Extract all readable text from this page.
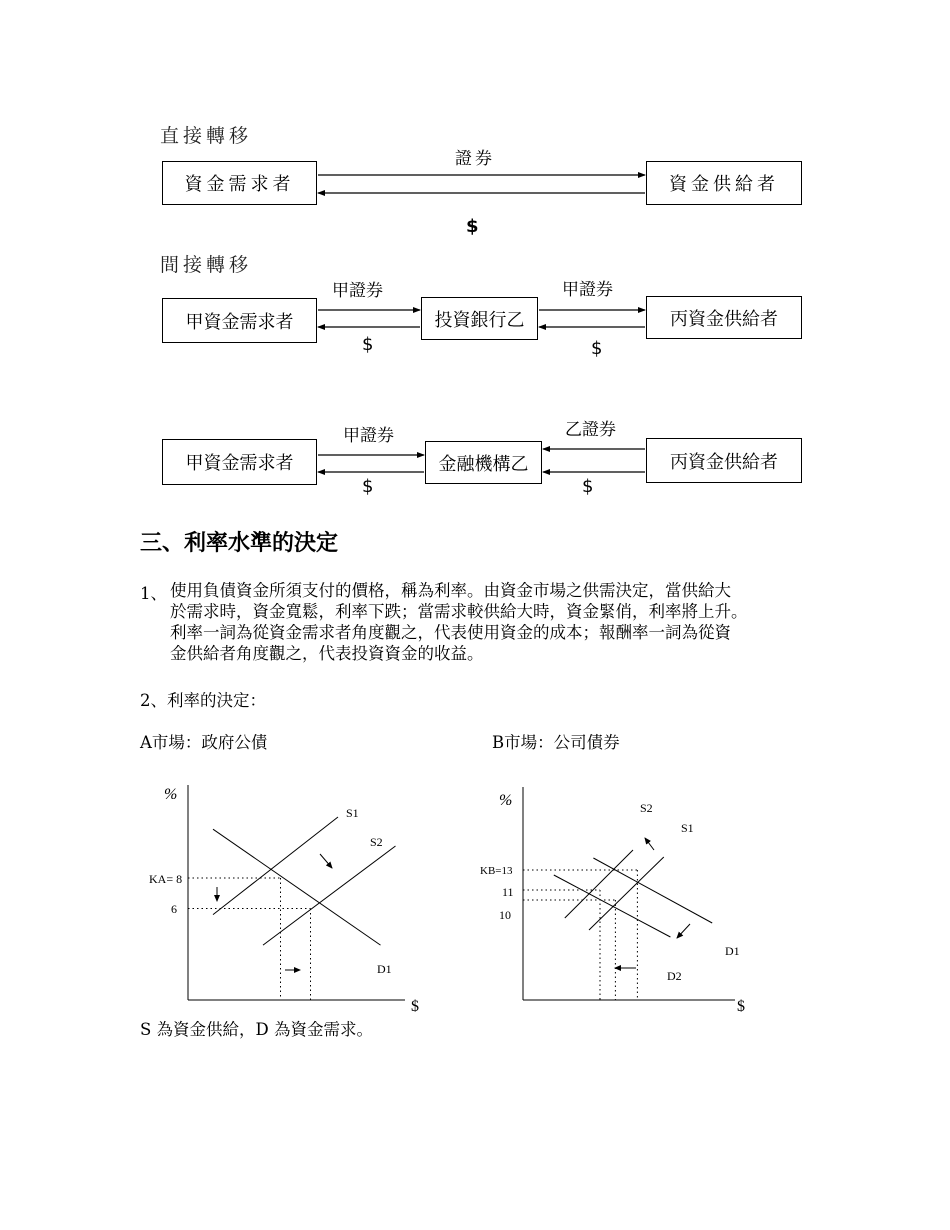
直接轉移
資金需求者	資金供給者
證券
$
間接轉移
甲資金需求者	投資銀行乙	丙資金供給者
甲證券	甲證券
$	$
甲資金需求者	金融機構乙	丙資金供給者
甲證券	乙證券
$	$
三、利率水準的決定
1、 使用負債資金所須支付的價格，稱為利率。由資金市場之供需決定，當供給大
於需求時，資金寬鬆，利率下跌；當需求較供給大時，資金緊俏，利率將上升。
利率一詞為從資金需求者角度觀之，代表使用資金的成本；報酬率一詞為從資
金供給者角度觀之，代表投資資金的收益。
2、利率的決定：
A市場：政府公債	B市場：公司債券
%
$
KA= 8
6
S1
S2
D1
%
$
KB=13
11
10
S1
S2
D1
D2
S 為資金供給，D 為資金需求。
